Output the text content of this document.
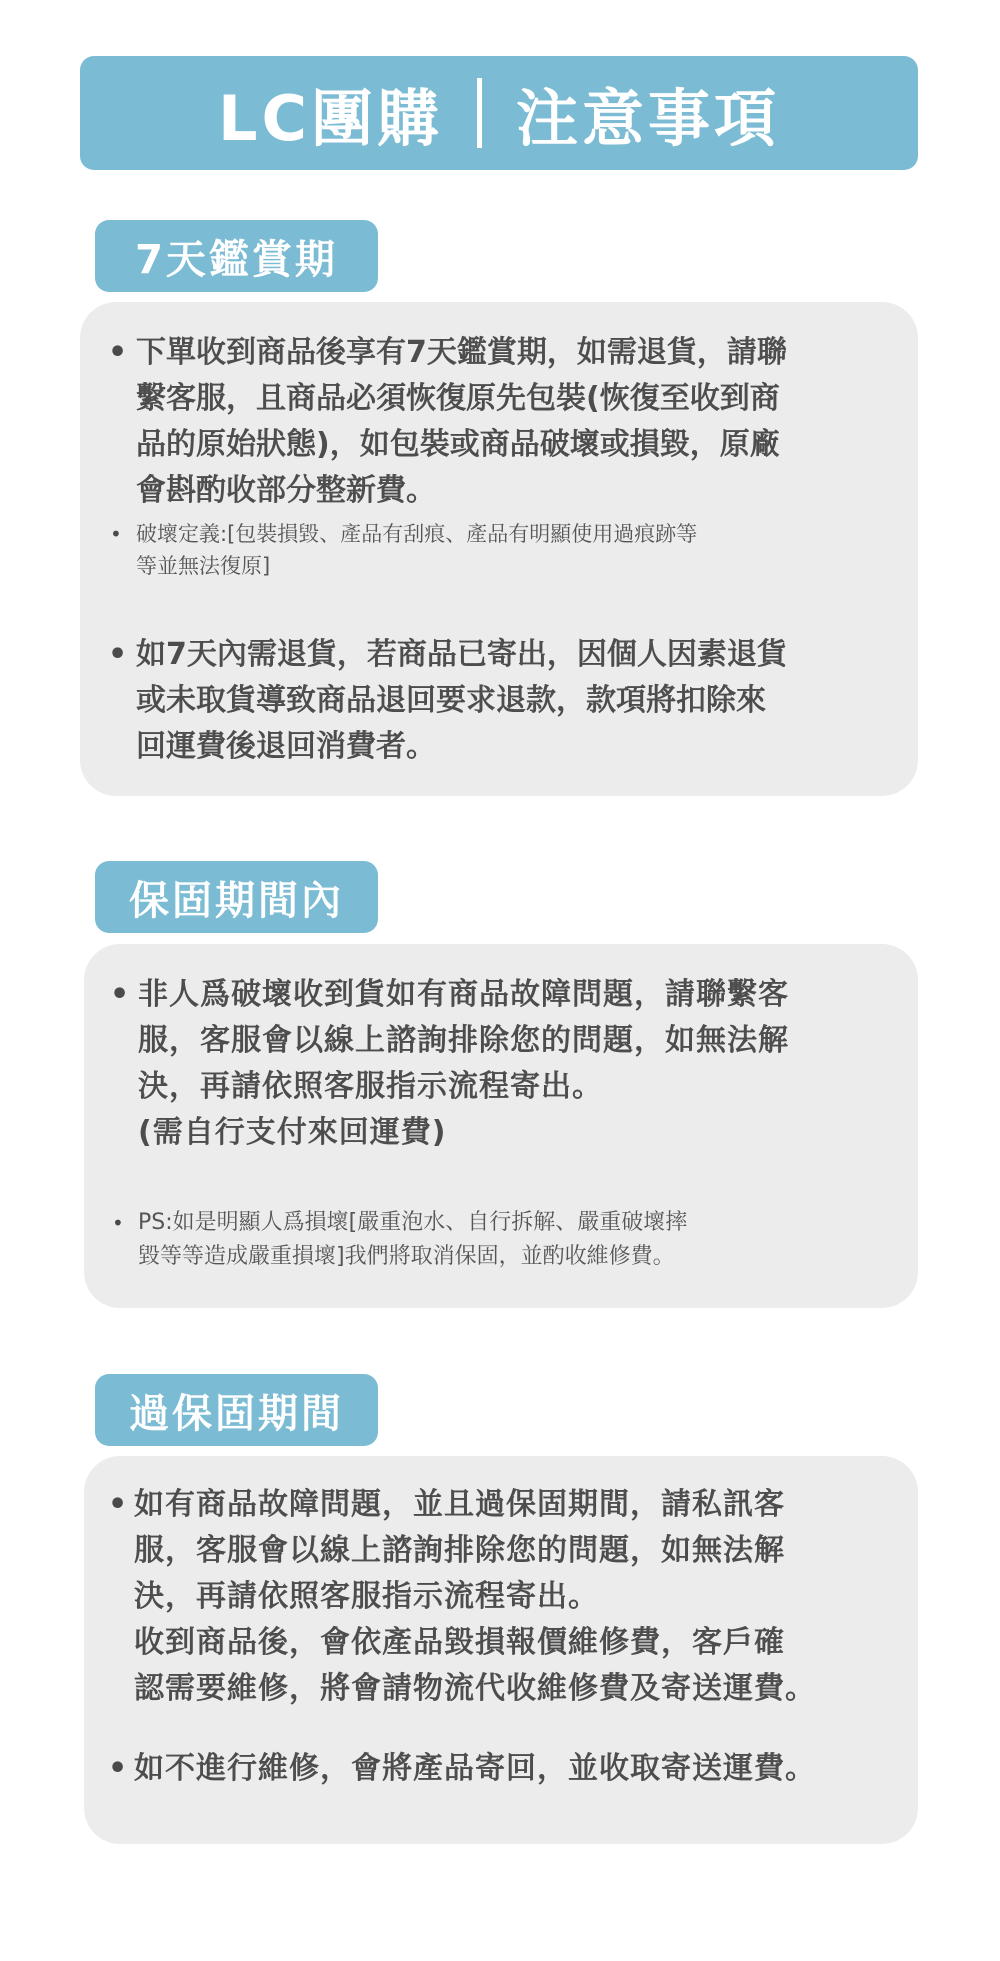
LC團購 注意事項
7天鑑賞期
• 下單收到商品後享有7天鑑賞期，如需退貨，請聯
繫客服，且商品必須恢復原先包裝(恢復至收到商
品的原始狀態)，如包裝或商品破壞或損毀，原廠
會斟酌收部分整新費。
• 破壞定義:[包裝損毀、產品有刮痕、產品有明顯使用過痕跡等
等並無法復原]
• 如7天內需退貨，若商品已寄出，因個人因素退貨
或未取貨導致商品退回要求退款，款項將扣除來
回運費後退回消費者。
保固期間內
• 非人爲破壞收到貨如有商品故障問題，請聯繫客
服，客服會以線上諮詢排除您的問題，如無法解
決，再請依照客服指示流程寄出。
(需自行支付來回運費)
• PS:如是明顯人爲損壞[嚴重泡水、自行拆解、嚴重破壞摔
毀等等造成嚴重損壞]我們將取消保固，並酌收維修費。
過保固期間
• 如有商品故障問題，並且過保固期間，請私訊客
服，客服會以線上諮詢排除您的問題，如無法解
決，再請依照客服指示流程寄出。
收到商品後，會依產品毀損報價維修費，客戶確
認需要維修，將會請物流代收維修費及寄送運費。
• 如不進行維修，會將產品寄回，並收取寄送運費。
